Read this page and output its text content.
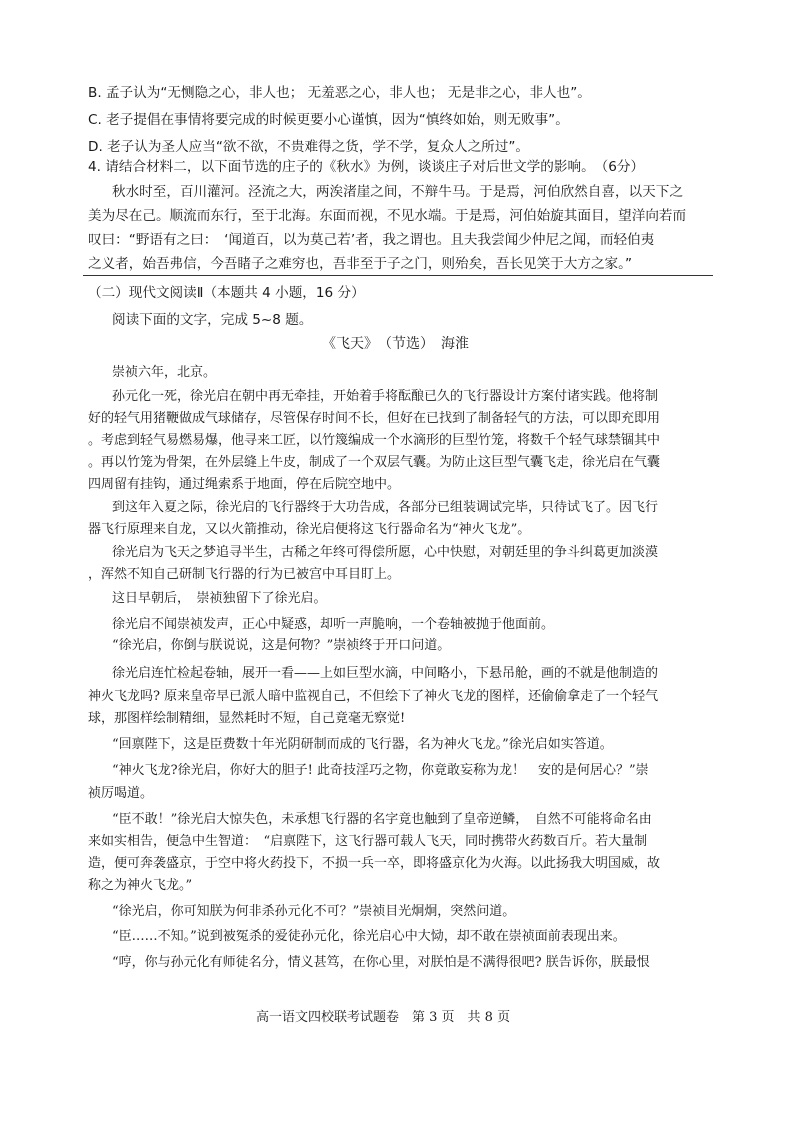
B. 孟子认为“无恻隐之心，非人也； 无羞恶之心，非人也； 无是非之心，非人也”。
C. 老子提倡在事情将要完成的时候更要小心谨慎，因为“慎终如始，则无败事”。
D. 老子认为圣人应当“欲不欲，不贵难得之货，学不学，复众人之所过”。
4. 请结合材料二，以下面节选的庄子的《秋水》为例，谈谈庄子对后世文学的影响。　（6分）
秋水时至，百川灌河。泾流之大，两涘渚崖之间，不辩牛马。于是焉，河伯欣然自喜，以天下之
美为尽在己。顺流而东行，至于北海。东面而视，不见水端。于是焉，河伯始旋其面目，望洋向若而
叹曰：“野语有之曰：　‘闻道百，以为莫己若’者，我之谓也。且夫我尝闻少仲尼之闻，而轻伯夷
之义者，始吾弗信，今吾睹子之难穷也，吾非至于子之门，则殆矣，吾长见笑于大方之家。”
（二）现代文阅读Ⅱ（本题共 4 小题，16 分）
阅读下面的文字，完成 5~8 题。
《飞天》　（节选）　海淮
崇祯六年，北京。
孙元化一死，徐光启在朝中再无牵挂，开始着手将酝酿已久的飞行器设计方案付诸实践。他将制
好的轻气用猪鞭做成气球储存，尽管保存时间不长，但好在已找到了制备轻气的方法，可以即充即用
。考虑到轻气易燃易爆，他寻来工匠，以竹篾编成一个水滴形的巨型竹笼，将数千个轻气球禁锢其中
。再以竹笼为骨架，在外层缝上牛皮，制成了一个双层气囊。为防止这巨型气囊飞走，徐光启在气囊
四周留有挂钩，通过绳索系于地面，停在后院空地中。
到这年入夏之际，徐光启的飞行器终于大功告成，各部分已组装调试完毕，只待试飞了。因飞行
器飞行原理来自龙，又以火箭推动，徐光启便将这飞行器命名为“神火飞龙”。
徐光启为飞天之梦追寻半生，古稀之年终可得偿所愿，心中快慰，对朝廷里的争斗纠葛更加淡漠
，浑然不知自己研制飞行器的行为已被宫中耳目盯上。
这日早朝后，　崇祯独留下了徐光启。
徐光启不闻崇祯发声，正心中疑惑，却听一声脆响，一个卷轴被抛于他面前。
“徐光启，你倒与朕说说，这是何物？”崇祯终于开口问道。
徐光启连忙检起卷轴，展开一看——上如巨型水滴，中间略小，下悬吊舱，画的不就是他制造的
神火飞龙吗? 原来皇帝早已派人暗中监视自己，不但绘下了神火飞龙的图样，还偷偷拿走了一个轻气
球，那图样绘制精细，显然耗时不短，自己竟毫无察觉!
“回禀陛下，这是臣费数十年光阴研制而成的飞行器，名为神火飞龙。”徐光启如实答道。
“神火飞龙?徐光启，你好大的胆子! 此奇技淫巧之物，你竟敢妄称为龙！　安的是何居心？”崇
祯厉喝道。
“臣不敢！”徐光启大惊失色，未承想飞行器的名字竟也触到了皇帝逆鳞，　自然不可能将命名由
来如实相告，便急中生智道：　“启禀陛下，这飞行器可载人飞天，同时携带火药数百斤。若大量制
造，便可奔袭盛京，于空中将火药投下，不损一兵一卒，即将盛京化为火海。以此扬我大明国威，故
称之为神火飞龙。”
“徐光启，你可知朕为何非杀孙元化不可？”崇祯目光炯炯，突然问道。
“臣……不知。”说到被冤杀的爱徒孙元化，徐光启心中大恸，却不敢在崇祯面前表现出来。
“哼，你与孙元化有师徒名分，情义甚笃，在你心里，对朕怕是不满得很吧? 朕告诉你，朕最恨
高一语文四校联考试题卷　第 3 页　共 8 页
